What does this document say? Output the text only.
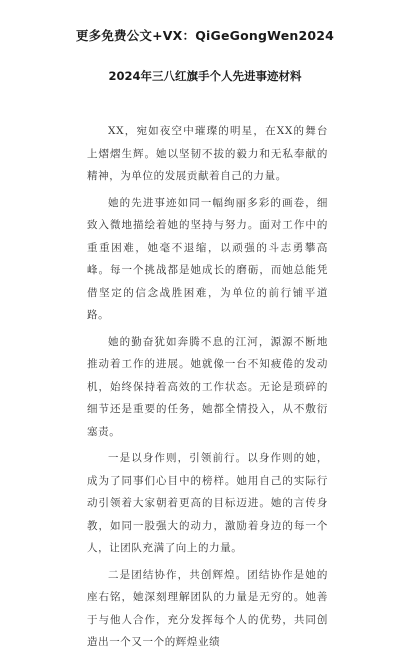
更多免费公文+VX：QiGeGongWen2024
2024年三八红旗手个人先进事迹材料

XX，宛如夜空中璀璨的明星，在XX的舞台上熠熠生辉。她以坚韧不拔的毅力和无私奉献的精神，为单位的发展贡献着自己的力量。

她的先进事迹如同一幅绚丽多彩的画卷，细致入微地描绘着她的坚持与努力。面对工作中的重重困难，她毫不退缩，以顽强的斗志勇攀高峰。每一个挑战都是她成长的磨砺，而她总能凭借坚定的信念战胜困难，为单位的前行铺平道路。

她的勤奋犹如奔腾不息的江河，源源不断地推动着工作的进展。她就像一台不知疲倦的发动机，始终保持着高效的工作状态。无论是琐碎的细节还是重要的任务，她都全情投入，从不敷衍塞责。

一是以身作则，引领前行。以身作则的她，成为了同事们心目中的榜样。她用自己的实际行动引领着大家朝着更高的目标迈进。她的言传身教，如同一股强大的动力，激励着身边的每一个人，让团队充满了向上的力量。

二是团结协作，共创辉煌。团结协作是她的座右铭，她深刻理解团队的力量是无穷的。她善于与他人合作，充分发挥每个人的优势，共同创造出一个又一个的辉煌业绩
